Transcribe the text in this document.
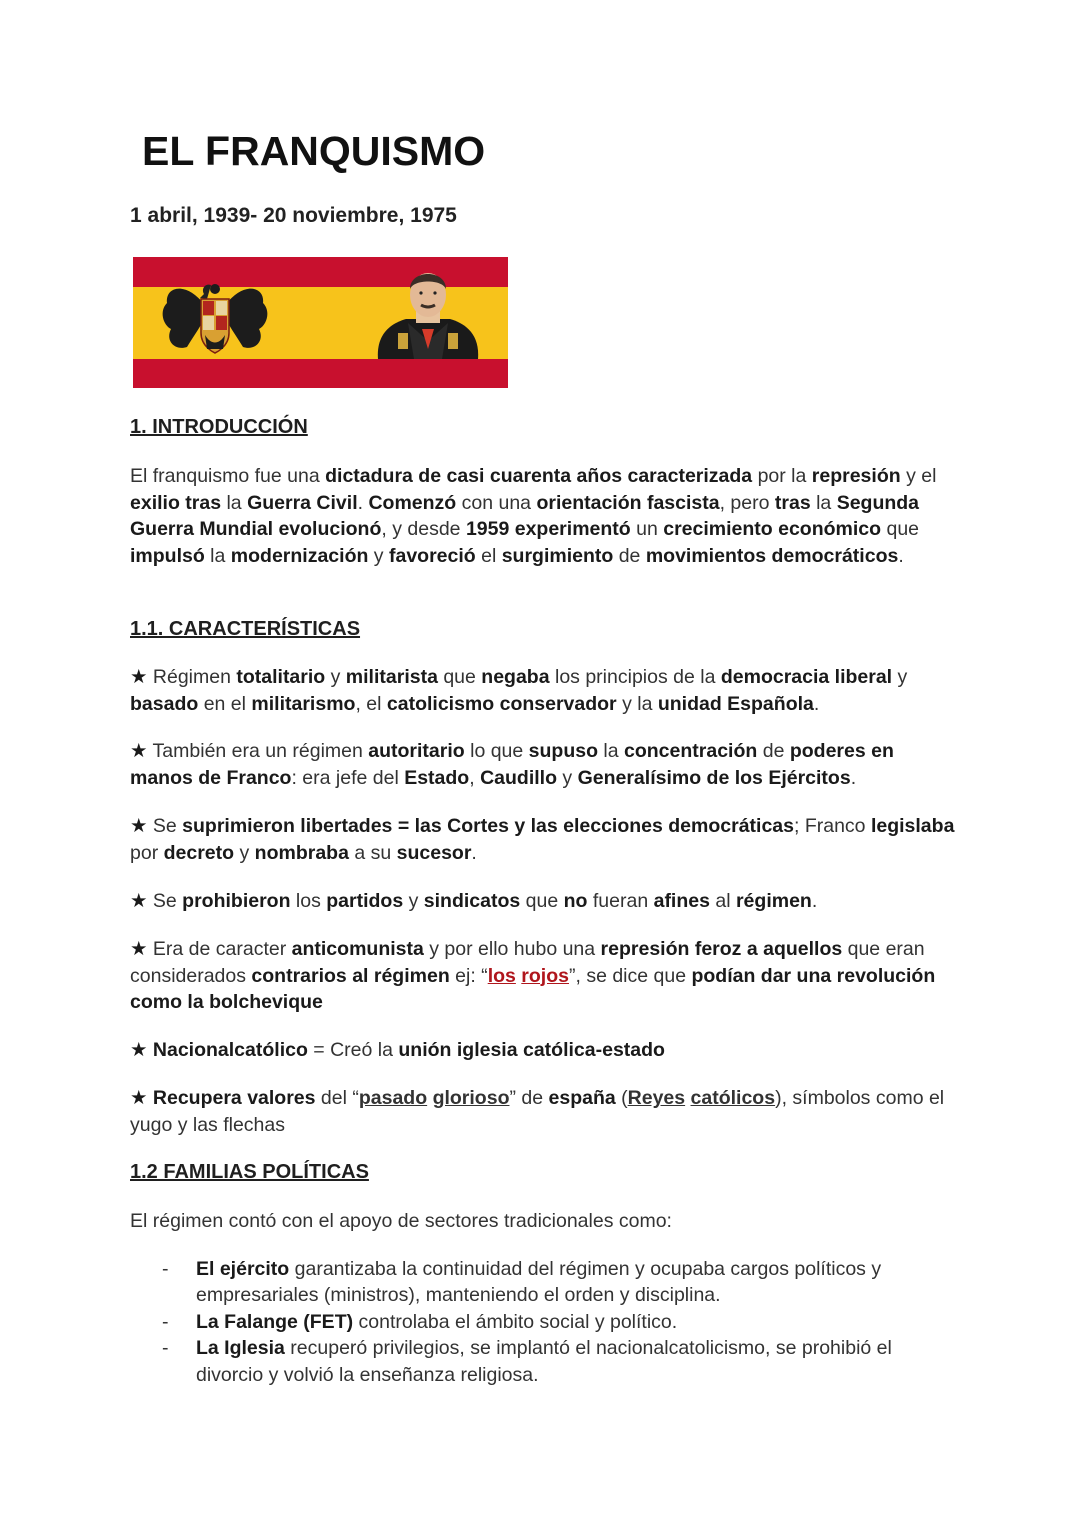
EL FRANQUISMO
1 abril, 1939- 20 noviembre, 1975
1. INTRODUCCIÓN

El franquismo fue una dictadura de casi cuarenta años caracterizada por la represión y el exilio tras la Guerra Civil. Comenzó con una orientación fascista, pero tras la Segunda Guerra Mundial evolucionó, y desde 1959 experimentó un crecimiento económico que impulsó la modernización y favoreció el surgimiento de movimientos democráticos.

1.1. CARACTERÍSTICAS

★ Régimen totalitario y militarista que negaba los principios de la democracia liberal y basado en el militarismo, el catolicismo conservador y la unidad Española.

★ También era un régimen autoritario lo que supuso la concentración de poderes en manos de Franco: era jefe del Estado, Caudillo y Generalísimo de los Ejércitos.

★ Se suprimieron libertades = las Cortes y las elecciones democráticas; Franco legislaba por decreto y nombraba a su sucesor.

★ Se prohibieron los partidos y sindicatos que no fueran afines al régimen.

★ Era de caracter anticomunista y por ello hubo una represión feroz a aquellos que eran considerados contrarios al régimen ej: “los rojos”, se dice que podían dar una revolución como la bolchevique

★ Nacionalcatólico = Creó la unión iglesia católica-estado

★ Recupera valores del “pasado glorioso” de españa (Reyes católicos), símbolos como el yugo y las flechas

1.2 FAMILIAS POLÍTICAS

El régimen contó con el apoyo de sectores tradicionales como:

- El ejército garantizaba la continuidad del régimen y ocupaba cargos políticos y empresariales (ministros), manteniendo el orden y disciplina.
- La Falange (FET) controlaba el ámbito social y político.
- La Iglesia recuperó privilegios, se implantó el nacionalcatolicismo, se prohibió el divorcio y volvió la enseñanza religiosa.
